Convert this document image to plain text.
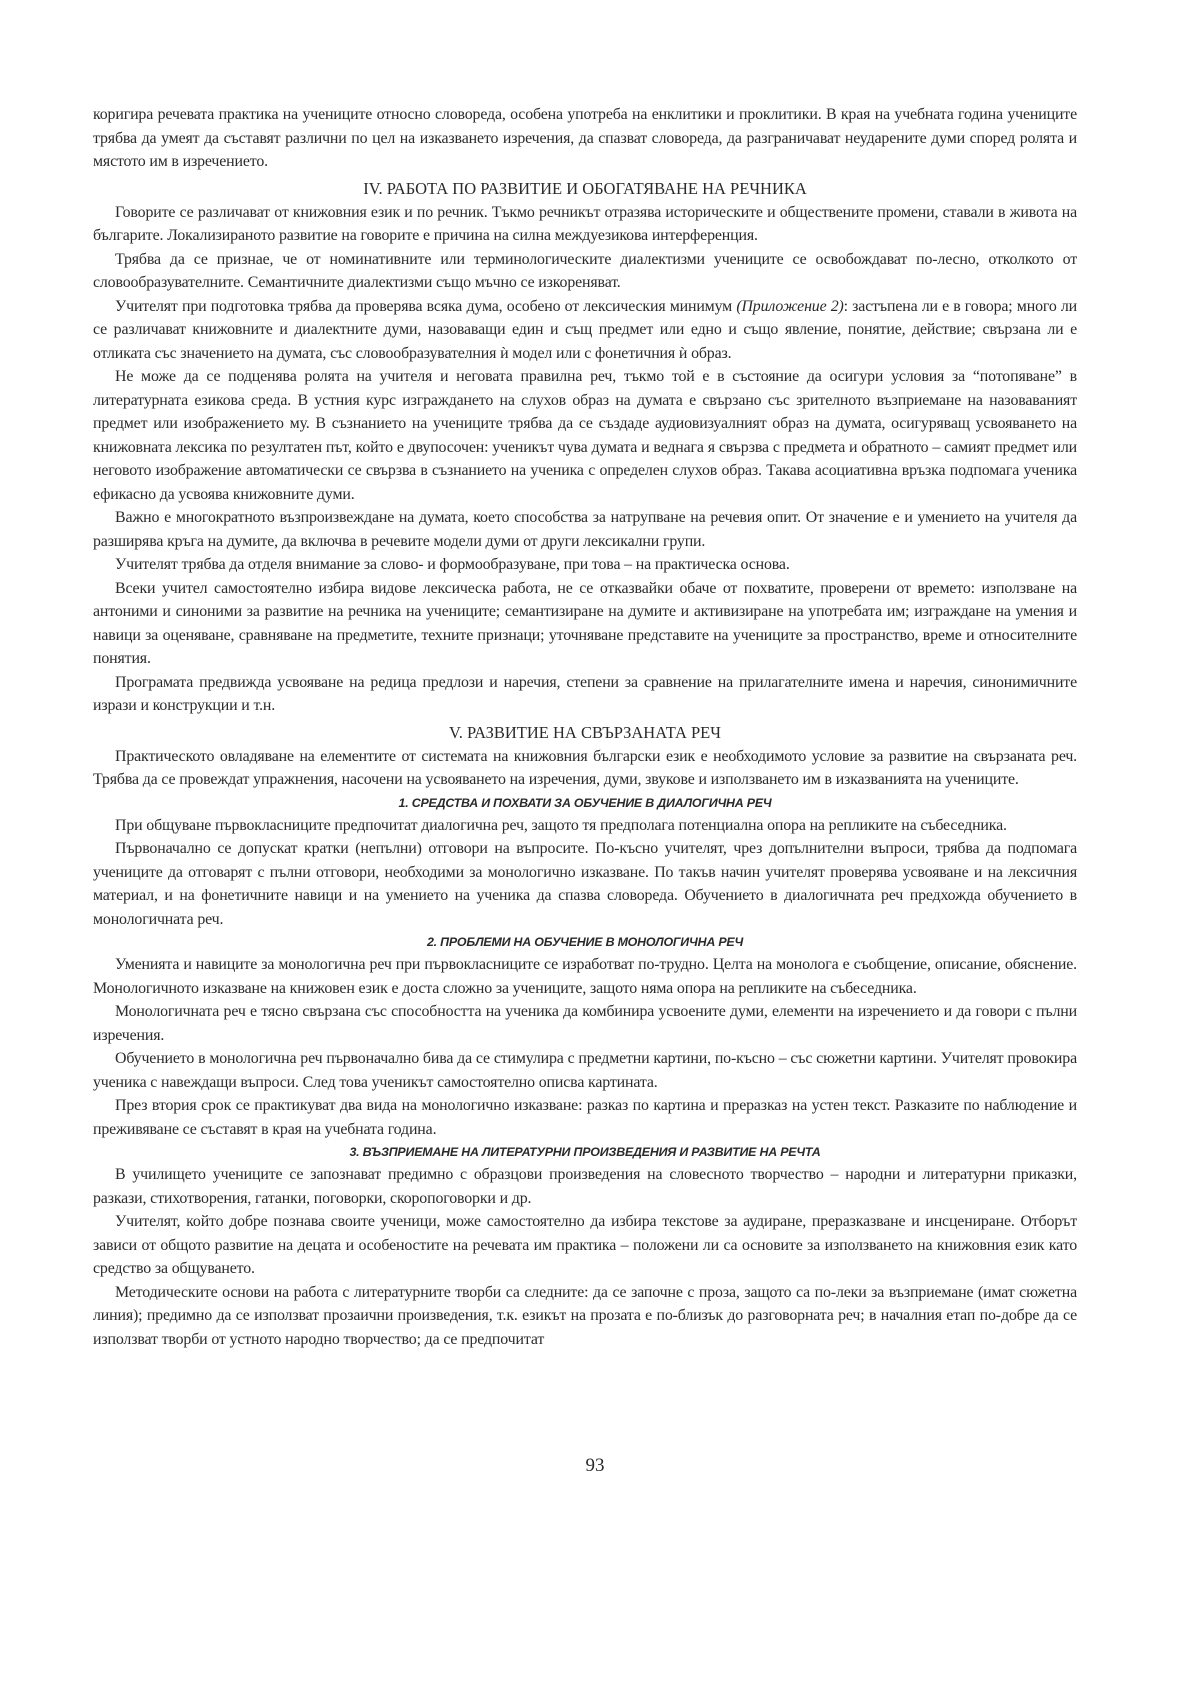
коригира речевата практика на учениците относно словореда, особена употреба на енклитики и проклитики. В края на учебната година учениците трябва да умеят да съставят различни по цел на изказването изречения, да спазват словореда, да разграничават неударените думи според ролята и мястото им в изречението.

IV. РАБОТА ПО РАЗВИТИЕ И ОБОГАТЯВАНЕ НА РЕЧНИКА

Говорите се различават от книжовния език и по речник. Тъкмо речникът отразява историческите и обществените промени, ставали в живота на българите. Локализираното развитие на говорите е причина на силна междуезикова интерференция.

Трябва да се признае, че от номинативните или терминологическите диалектизми учениците се освобождават по-лесно, отколкото от словообразувателните. Семантичните диалектизми също мъчно се изкореняват.

Учителят при подготовка трябва да проверява всяка дума, особено от лексическия минимум (Приложение 2): застъпена ли е в говора; много ли се различават книжовните и диалектните думи, назоваващи един и същ предмет или едно и също явление, понятие, действие; свързана ли е отликата със значението на думата, със словообразувателния ѝ модел или с фонетичния ѝ образ.

Не може да се подценява ролята на учителя и неговата правилна реч, тъкмо той е в състояние да осигури условия за “потопяване” в литературната езикова среда. В устния курс изграждането на слухов образ на думата е свързано със зрителното възприемане на назоваваният предмет или изображението му. В съзнанието на учениците трябва да се създаде аудиовизуалният образ на думата, осигуряващ усвояването на книжовната лексика по резултатен път, който е двупосочен: ученикът чува думата и веднага я свързва с предмета и обратното – самият предмет или неговото изображение автоматически се свързва в съзнанието на ученика с определен слухов образ. Такава асоциативна връзка подпомага ученика ефикасно да усвоява книжовните думи.

Важно е многократното възпроизвеждане на думата, което способства за натрупване на речевия опит. От значение е и умението на учителя да разширява кръга на думите, да включва в речевите модели думи от други лексикални групи.

Учителят трябва да отделя внимание за слово- и формообразуване, при това – на практическа основа.

Всеки учител самостоятелно избира видове лексическа работа, не се отказвайки обаче от похватите, проверени от времето: използване на антоними и синоними за развитие на речника на учениците; семантизиране на думите и активизиране на употребата им; изграждане на умения и навици за оценяване, сравняване на предметите, техните признаци; уточняване представите на учениците за пространство, време и относителните понятия.

Програмата предвижда усвояване на редица предлози и наречия, степени за сравнение на прилагателните имена и наречия, синонимичните изрази и конструкции и т.н.

V. РАЗВИТИЕ НА СВЪРЗАНАТА РЕЧ

Практическото овладяване на елементите от системата на книжовния български език е необходимото условие за развитие на свързаната реч. Трябва да се провеждат упражнения, насочени на усвояването на изречения, думи, звукове и използването им в изказванията на учениците.

1. СРЕДСТВА И ПОХВАТИ ЗА ОБУЧЕНИЕ В ДИАЛОГИЧНА РЕЧ

При общуване първокласниците предпочитат диалогична реч, защото тя предполага потенциална опора на репликите на събеседника.

Първоначално се допускат кратки (непълни) отговори на въпросите. По-късно учителят, чрез допълнителни въпроси, трябва да подпомага учениците да отговарят с пълни отговори, необходими за монологично изказване. По такъв начин учителят проверява усвояване и на лексичния материал, и на фонетичните навици и на умението на ученика да спазва словореда. Обучението в диалогичната реч предхожда обучението в монологичната реч.

2. ПРОБЛЕМИ НА ОБУЧЕНИЕ В МОНОЛОГИЧНА РЕЧ

Уменията и навиците за монологична реч при първокласниците се изработват по-трудно. Целта на монолога е съобщение, описание, обяснение. Монологичното изказване на книжовен език е доста сложно за учениците, защото няма опора на репликите на събеседника.

Монологичната реч е тясно свързана със способността на ученика да комбинира усвоените думи, елементи на изречението и да говори с пълни изречения.

Обучението в монологична реч първоначално бива да се стимулира с предметни картини, по-късно – със сюжетни картини. Учителят провокира ученика с навеждащи въпроси. След това ученикът самостоятелно описва картината.

През втория срок се практикуват два вида на монологично изказване: разказ по картина и преразказ на устен текст. Разказите по наблюдение и преживяване се съставят в края на учебната година.

3. ВЪЗПРИЕМАНЕ НА ЛИТЕРАТУРНИ ПРОИЗВЕДЕНИЯ И РАЗВИТИЕ НА РЕЧТА

В училището учениците се запознават предимно с образцови произведения на словесното творчество – народни и литературни приказки, разкази, стихотворения, гатанки, поговорки, скоропоговорки и др.

Учителят, който добре познава своите ученици, може самостоятелно да избира текстове за аудиране, преразказване и инсцениране. Отборът зависи от общото развитие на децата и особеностите на речевата им практика – положени ли са основите за използването на книжовния език като средство за общуването.

Методическите основи на работа с литературните творби са следните: да се започне с проза, защото са по-леки за възприемане (имат сюжетна линия); предимно да се използват прозаични произведения, т.к. езикът на прозата е по-близък до разговорната реч; в началния етап по-добре да се използват творби от устното народно творчество; да се предпочитат

93
